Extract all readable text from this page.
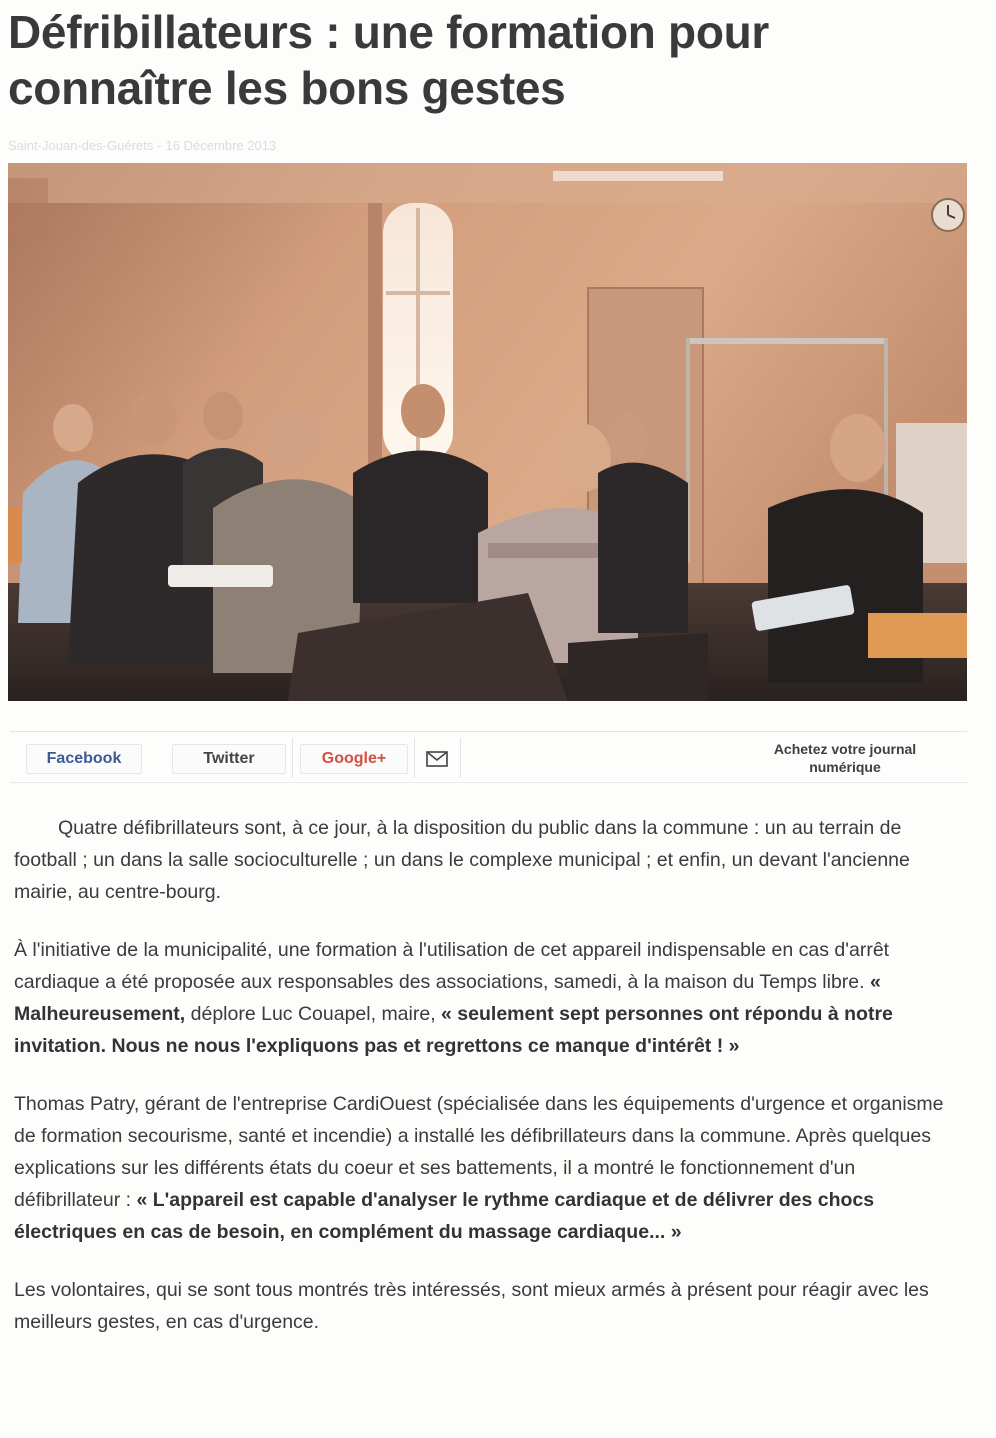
Défribillateurs : une formation pour connaître les bons gestes
Saint-Jouan-des-Guérets - 16 Décembre 2013
Facebook	Twitter	Google+
Achetez votre journal numérique

Quatre défibrillateurs sont, à ce jour, à la disposition du public dans la commune : un au terrain de football ; un dans la salle socioculturelle ; un dans le complexe municipal ; et enfin, un devant l'ancienne mairie, au centre-bourg.

À l'initiative de la municipalité, une formation à l'utilisation de cet appareil indispensable en cas d'arrêt cardiaque a été proposée aux responsables des associations, samedi, à la maison du Temps libre. « Malheureusement, déplore Luc Couapel, maire, « seulement sept personnes ont répondu à notre invitation. Nous ne nous l'expliquons pas et regrettons ce manque d'intérêt ! »

Thomas Patry, gérant de l'entreprise CardiOuest (spécialisée dans les équipements d'urgence et organisme de formation secourisme, santé et incendie) a installé les défibrillateurs dans la commune. Après quelques explications sur les différents états du coeur et ses battements, il a montré le fonctionnement d'un défibrillateur : « L'appareil est capable d'analyser le rythme cardiaque et de délivrer des chocs électriques en cas de besoin, en complément du massage cardiaque... »

Les volontaires, qui se sont tous montrés très intéressés, sont mieux armés à présent pour réagir avec les meilleurs gestes, en cas d'urgence.
